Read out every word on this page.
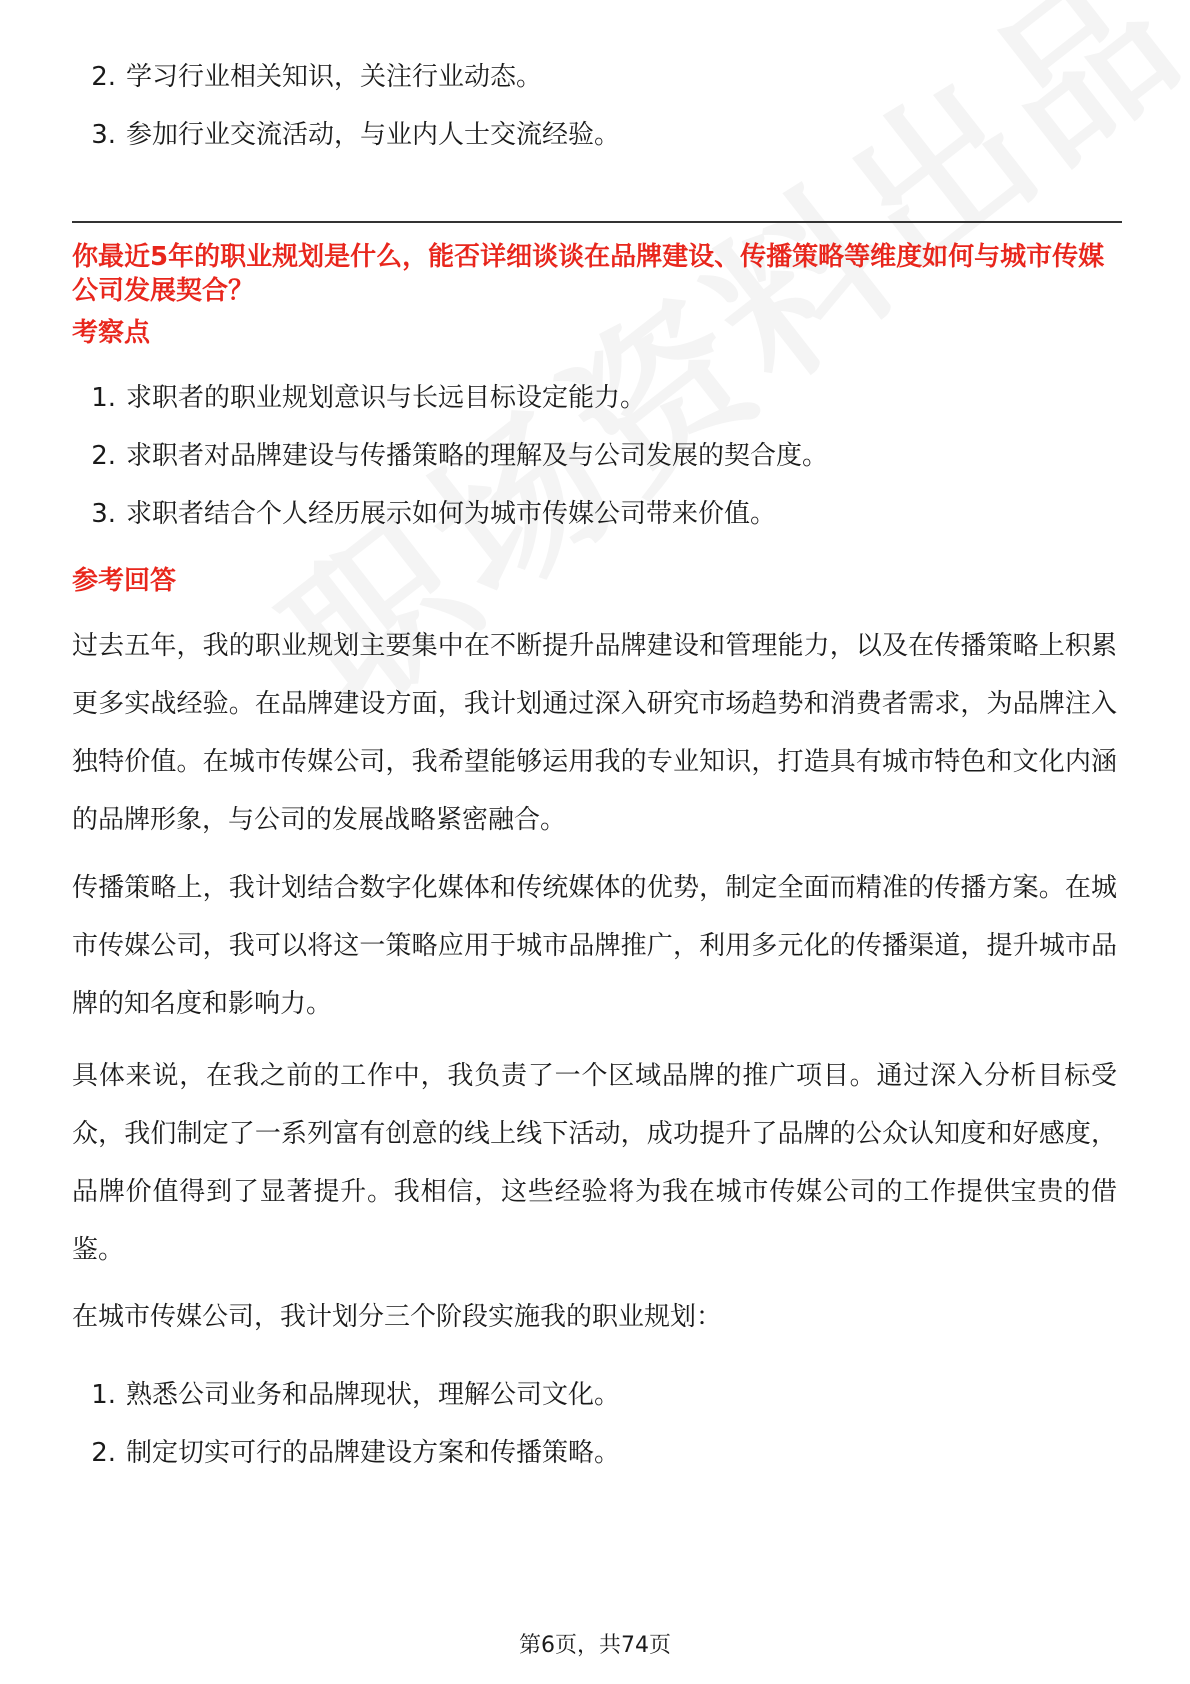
2. 学习行业相关知识，关注行业动态。
3. 参加行业交流活动，与业内人士交流经验。
你最近5年的职业规划是什么，能否详细谈谈在品牌建设、传播策略等维度如何与城市传媒公司发展契合？
考察点
1. 求职者的职业规划意识与长远目标设定能力。
2. 求职者对品牌建设与传播策略的理解及与公司发展的契合度。
3. 求职者结合个人经历展示如何为城市传媒公司带来价值。
参考回答
过去五年，我的职业规划主要集中在不断提升品牌建设和管理能力，以及在传播策略上积累更多实战经验。在品牌建设方面，我计划通过深入研究市场趋势和消费者需求，为品牌注入独特价值。在城市传媒公司，我希望能够运用我的专业知识，打造具有城市特色和文化内涵的品牌形象，与公司的发展战略紧密融合。
传播策略上，我计划结合数字化媒体和传统媒体的优势，制定全面而精准的传播方案。在城市传媒公司，我可以将这一策略应用于城市品牌推广，利用多元化的传播渠道，提升城市品牌的知名度和影响力。
具体来说，在我之前的工作中，我负责了一个区域品牌的推广项目。通过深入分析目标受众，我们制定了一系列富有创意的线上线下活动，成功提升了品牌的公众认知度和好感度，品牌价值得到了显著提升。我相信，这些经验将为我在城市传媒公司的工作提供宝贵的借鉴。
在城市传媒公司，我计划分三个阶段实施我的职业规划：
1. 熟悉公司业务和品牌现状，理解公司文化。
2. 制定切实可行的品牌建设方案和传播策略。
第6页，共74页
